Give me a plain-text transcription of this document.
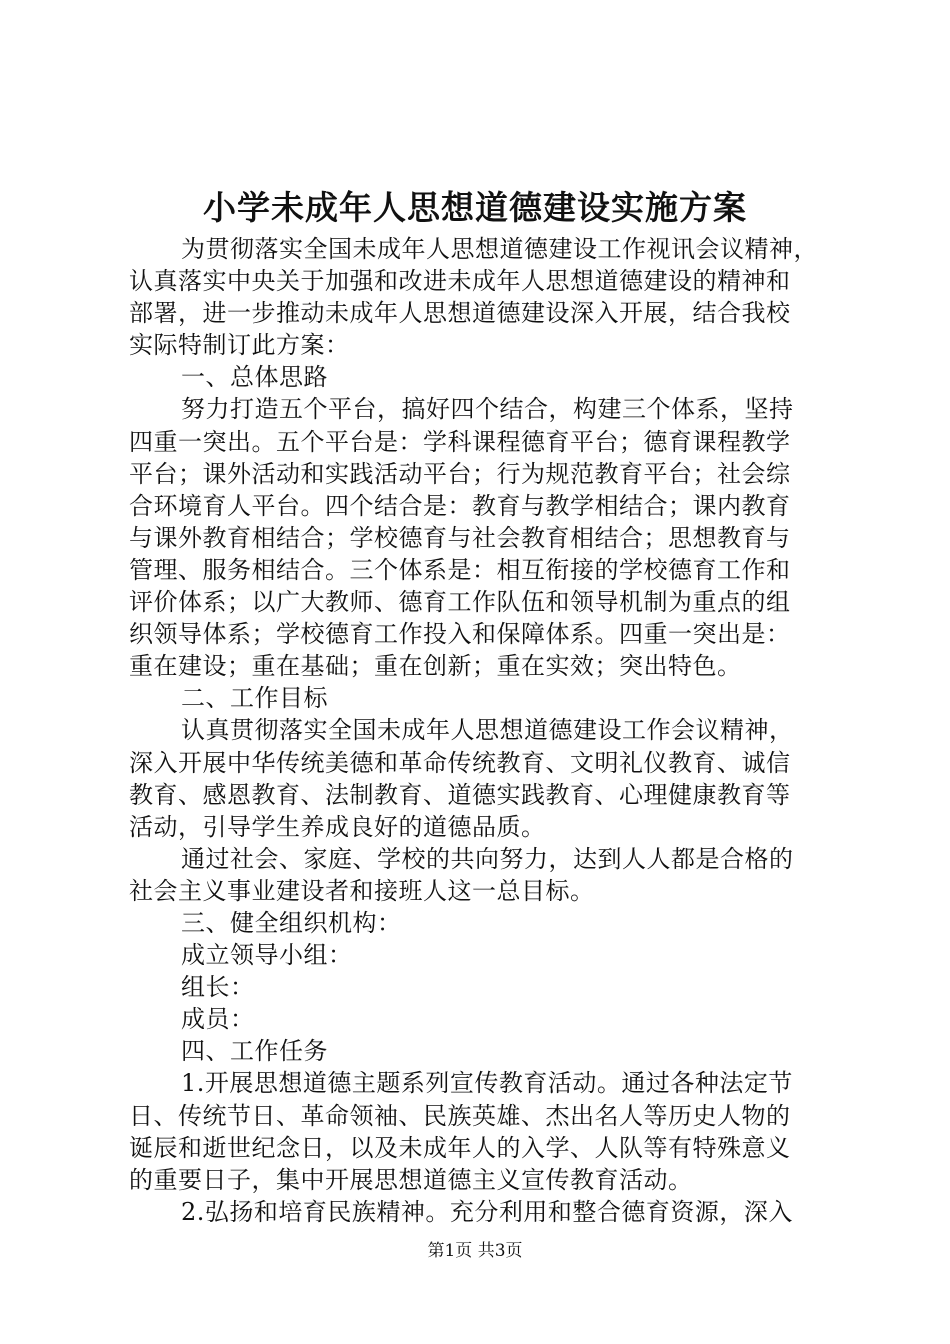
小学未成年人思想道德建设实施方案
为贯彻落实全国未成年人思想道德建设工作视讯会议精神，
认真落实中央关于加强和改进未成年人思想道德建设的精神和
部署，进一步推动未成年人思想道德建设深入开展，结合我校
实际特制订此方案：
一、总体思路
努力打造五个平台，搞好四个结合，构建三个体系，坚持
四重一突出。五个平台是：学科课程德育平台；德育课程教学
平台；课外活动和实践活动平台；行为规范教育平台；社会综
合环境育人平台。四个结合是：教育与教学相结合；课内教育
与课外教育相结合；学校德育与社会教育相结合；思想教育与
管理、服务相结合。三个体系是：相互衔接的学校德育工作和
评价体系；以广大教师、德育工作队伍和领导机制为重点的组
织领导体系；学校德育工作投入和保障体系。四重一突出是：
重在建设；重在基础；重在创新；重在实效；突出特色。
二、工作目标
认真贯彻落实全国未成年人思想道德建设工作会议精神，
深入开展中华传统美德和革命传统教育、文明礼仪教育、诚信
教育、感恩教育、法制教育、道德实践教育、心理健康教育等
活动，引导学生养成良好的道德品质。
通过社会、家庭、学校的共向努力，达到人人都是合格的
社会主义事业建设者和接班人这一总目标。
三、健全组织机构：
成立领导小组：
组长：
成员：
四、工作任务
1.开展思想道德主题系列宣传教育活动。通过各种法定节
日、传统节日、革命领袖、民族英雄、杰出名人等历史人物的
诞辰和逝世纪念日，以及未成年人的入学、人队等有特殊意义
的重要日子，集中开展思想道德主义宣传教育活动。
2.弘扬和培育民族精神。充分利用和整合德育资源，深入
第1页 共3页
